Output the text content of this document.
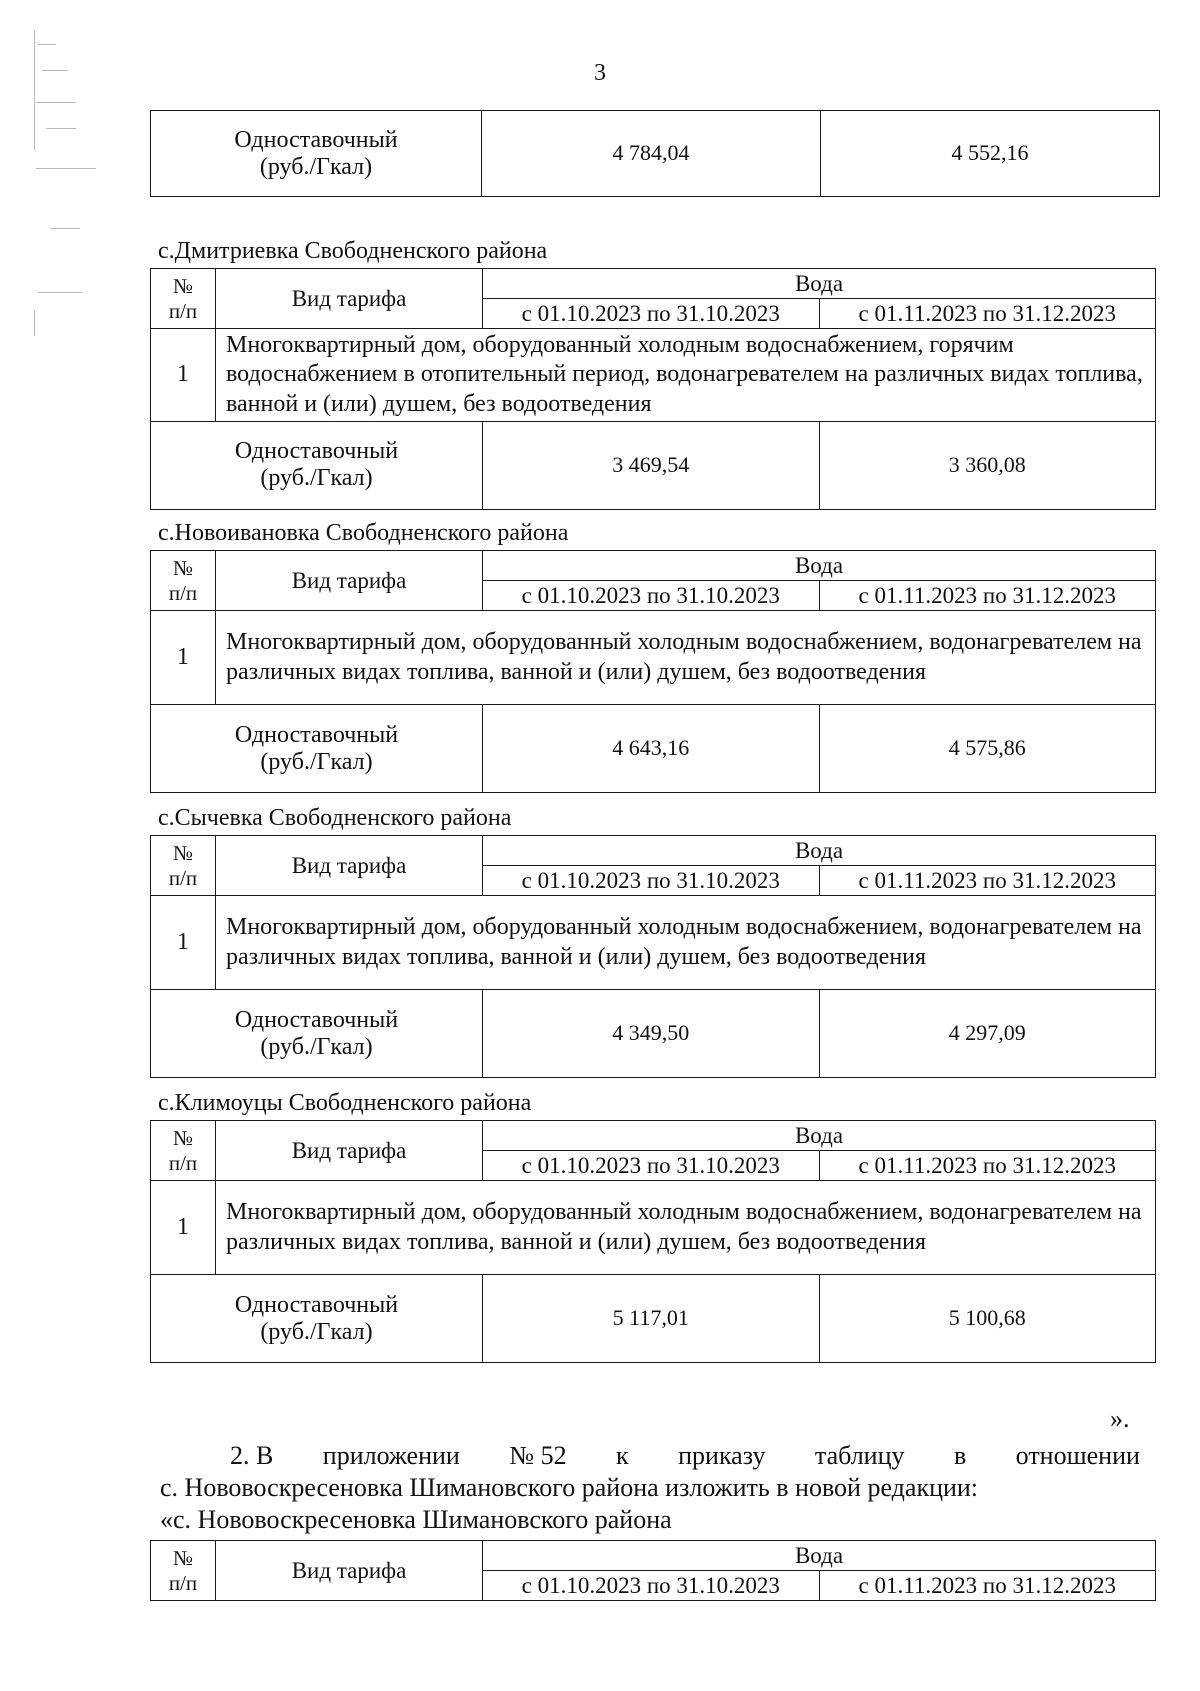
3
Одноставочный
(руб./Гкал)	4 784,04	4 552,16
с.Дмитриевка Свободненского района
№
п/п	Вид тарифа	Вода	
		с 01.10.2023 по 31.10.2023	с 01.11.2023 по 31.12.2023
1	Многоквартирный дом, оборудованный холодным водоснабжением, горячим водоснабжением в отопительный период, водонагревателем на различных видах топлива, ванной и (или) душем, без водоотведения		
Одноставочный
(руб./Гкал)		3 469,54	3 360,08
с.Новоивановка Свободненского района
№
п/п	Вид тарифа	Вода	
		с 01.10.2023 по 31.10.2023	с 01.11.2023 по 31.12.2023
1	Многоквартирный дом, оборудованный холодным водоснабжением, водонагревателем на различных видах топлива, ванной и (или) душем, без водоотведения		
Одноставочный
(руб./Гкал)		4 643,16	4 575,86
с.Сычевка Свободненского района
№
п/п	Вид тарифа	Вода	
		с 01.10.2023 по 31.10.2023	с 01.11.2023 по 31.12.2023
1	Многоквартирный дом, оборудованный холодным водоснабжением, водонагревателем на различных видах топлива, ванной и (или) душем, без водоотведения		
Одноставочный
(руб./Гкал)		4 349,50	4 297,09
с.Климоуцы Свободненского района
№
п/п	Вид тарифа	Вода	
		с 01.10.2023 по 31.10.2023	с 01.11.2023 по 31.12.2023
1	Многоквартирный дом, оборудованный холодным водоснабжением, водонагревателем на различных видах топлива, ванной и (или) душем, без водоотведения		
Одноставочный
(руб./Гкал)		5 117,01	5 100,68
».
2. В приложении № 52 к приказу таблицу в отношении
с. Нововоскресеновка Шимановского района изложить в новой редакции:
«с. Нововоскресеновка Шимановского района
№
п/п	Вид тарифа	Вода	
		с 01.10.2023 по 31.10.2023	с 01.11.2023 по 31.12.2023
